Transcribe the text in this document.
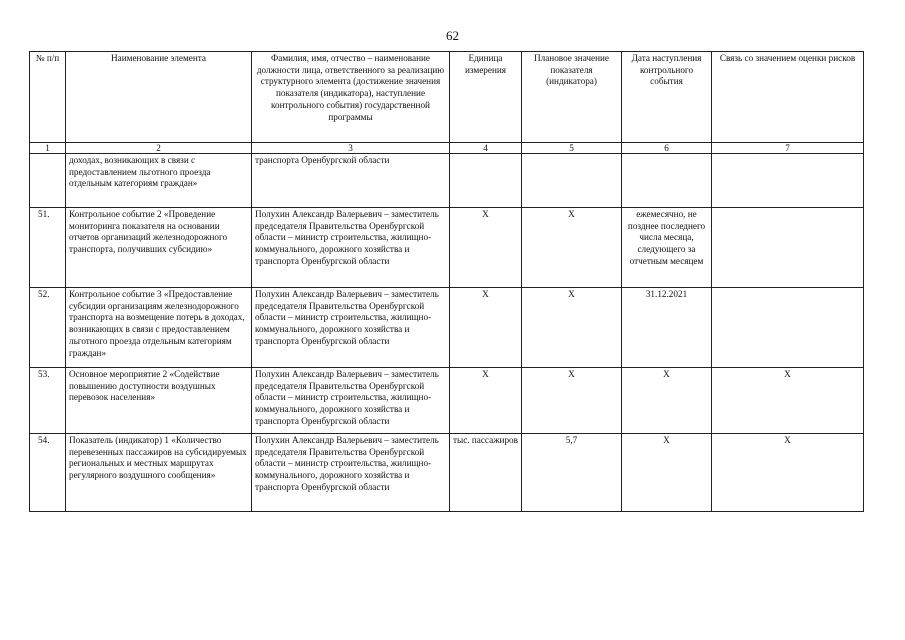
62
№ п/п	Наименование элемента	Фамилия, имя, отчество – наименование должности лица, ответственного за реализацию структурного элемента (достижение значения показателя (индикатора), наступление контрольного события) государственной программы	Единица измерения	Плановое значение показателя (индикатора)	Дата наступления контрольного события	Связь со значением оценки рисков
1	2	3	4	5	6	7
	доходах, возникающих в связи с предоставлением льготного проезда отдельным категориям граждан»	транспорта Оренбургской области				
51.	Контрольное событие 2 «Проведение мониторинга показателя на основании отчетов организаций железнодорожного транспорта, получивших субсидию»	Полухин Александр Валерьевич – заместитель председателя Правительства Оренбургской области – министр строительства, жилищно-коммунального, дорожного хозяйства и транспорта Оренбургской области	Х	Х	ежемесячно, не позднее последнего числа месяца, следующего за отчетным месяцем	
52.	Контрольное событие 3 «Предоставление субсидии организациям железнодорожного транспорта на возмещение потерь в доходах, возникающих в связи с предоставлением льготного проезда отдельным категориям граждан»	Полухин Александр Валерьевич – заместитель председателя Правительства Оренбургской области – министр строительства, жилищно-коммунального, дорожного хозяйства и транспорта Оренбургской области	Х	Х	31.12.2021	
53.	Основное мероприятие 2 «Содействие повышению доступности воздушных перевозок населения»	Полухин Александр Валерьевич – заместитель председателя Правительства Оренбургской области – министр строительства, жилищно-коммунального, дорожного хозяйства и транспорта Оренбургской области	Х	Х	Х	Х
54.	Показатель (индикатор) 1 «Количество перевезенных пассажиров на субсидируемых региональных и местных маршрутах регулярного воздушного сообщения»	Полухин Александр Валерьевич – заместитель председателя Правительства Оренбургской области – министр строительства, жилищно-коммунального, дорожного хозяйства и транспорта Оренбургской области	тыс. пассажиров	5,7	Х	Х
